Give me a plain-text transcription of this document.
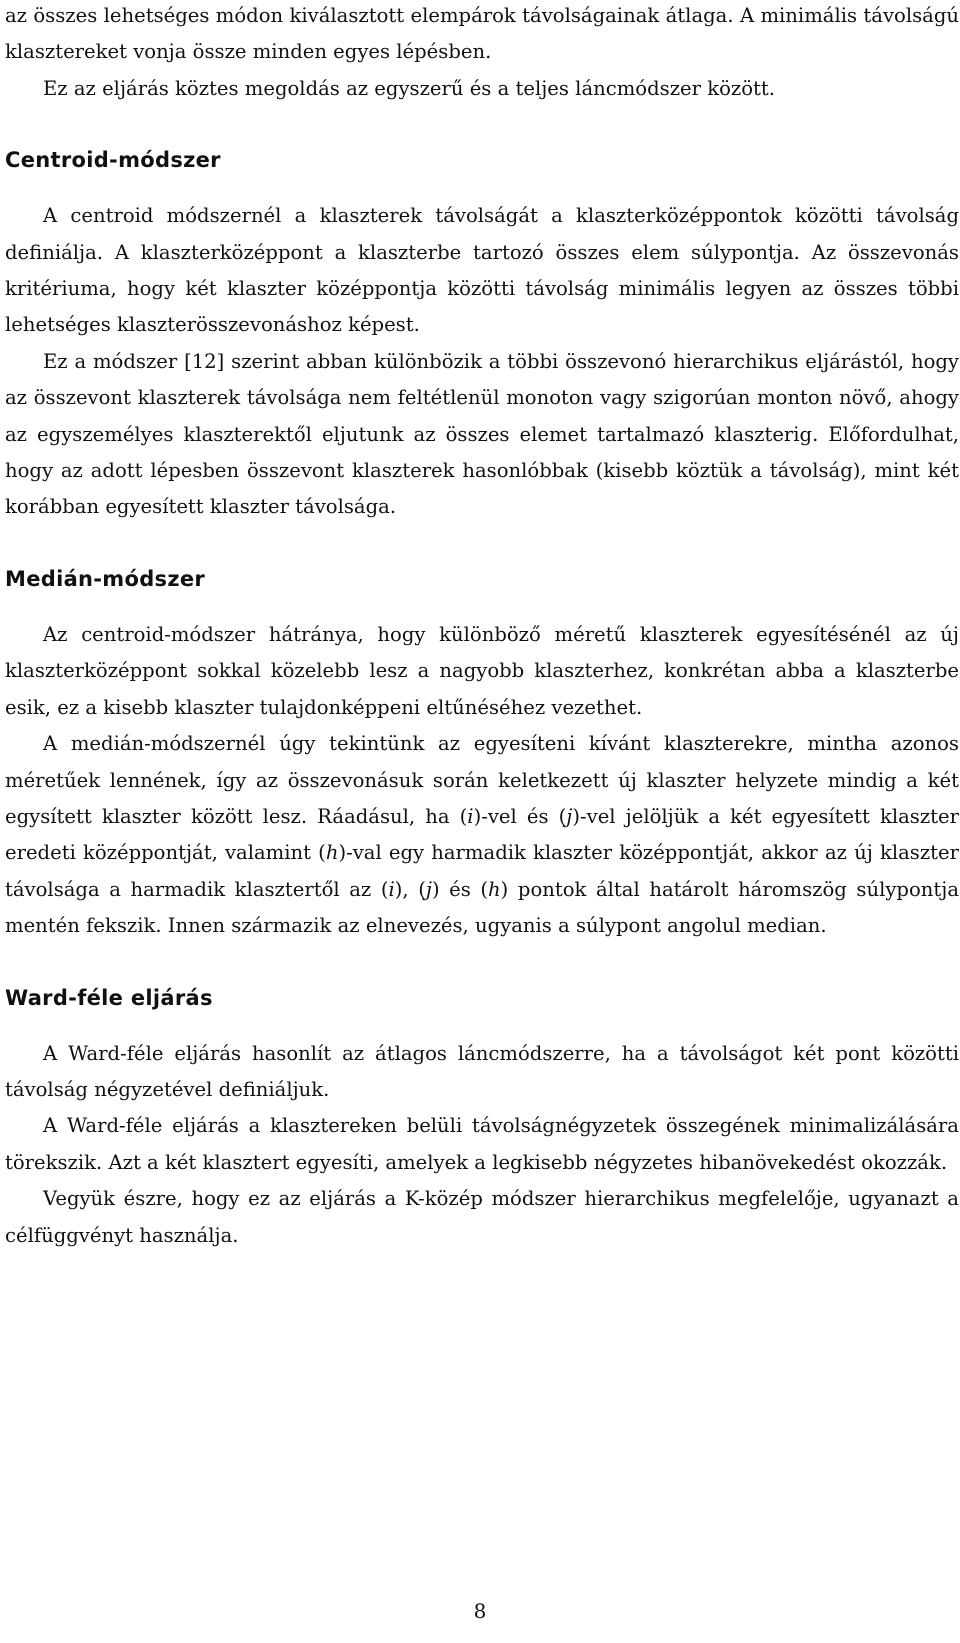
az összes lehetséges módon kiválasztott elempárok távolságainak átlaga. A minimális távolságú klasztereket vonja össze minden egyes lépésben.

Ez az eljárás köztes megoldás az egyszerű és a teljes láncmódszer között.

Centroid-módszer

A centroid módszernél a klaszterek távolságát a klaszterközéppontok közötti távolság definiálja. A klaszterközéppont a klaszterbe tartozó összes elem súlypontja. Az összevonás kritériuma, hogy két klaszter középpontja közötti távolság minimális legyen az összes többi lehetséges klaszterösszevonáshoz képest.

Ez a módszer [12] szerint abban különbözik a többi összevonó hierarchikus eljárástól, hogy az összevont klaszterek távolsága nem feltétlenül monoton vagy szigorúan monton növő, ahogy az egyszemélyes klaszterektől eljutunk az összes elemet tartalmazó klaszterig. Előfordulhat, hogy az adott lépesben összevont klaszterek hasonlóbbak (kisebb köztük a távolság), mint két korábban egyesített klaszter távolsága.

Medián-módszer

Az centroid-módszer hátránya, hogy különböző méretű klaszterek egyesítésénél az új klaszterközéppont sokkal közelebb lesz a nagyobb klaszterhez, konkrétan abba a klaszterbe esik, ez a kisebb klaszter tulajdonképpeni eltűnéséhez vezethet.

A medián-módszernél úgy tekintünk az egyesíteni kívánt klaszterekre, mintha azonos méretűek lennének, így az összevonásuk során keletkezett új klaszter helyzete mindig a két egysített klaszter között lesz. Ráadásul, ha (i)-vel és (j)-vel jelöljük a két egyesített klaszter eredeti középpontját, valamint (h)-val egy harmadik klaszter középpontját, akkor az új klaszter távolsága a harmadik klasztertől az (i), (j) és (h) pontok által határolt háromszög súlypontja mentén fekszik. Innen származik az elnevezés, ugyanis a súlypont angolul median.

Ward-féle eljárás

A Ward-féle eljárás hasonlít az átlagos láncmódszerre, ha a távolságot két pont közötti távolság négyzetével definiáljuk.

A Ward-féle eljárás a klasztereken belüli távolságnégyzetek összegének minimalizálására törekszik. Azt a két klasztert egyesíti, amelyek a legkisebb négyzetes hibanövekedést okozzák.

Vegyük észre, hogy ez az eljárás a K-közép módszer hierarchikus megfelelője, ugyanazt a célfüggvényt használja.

8
